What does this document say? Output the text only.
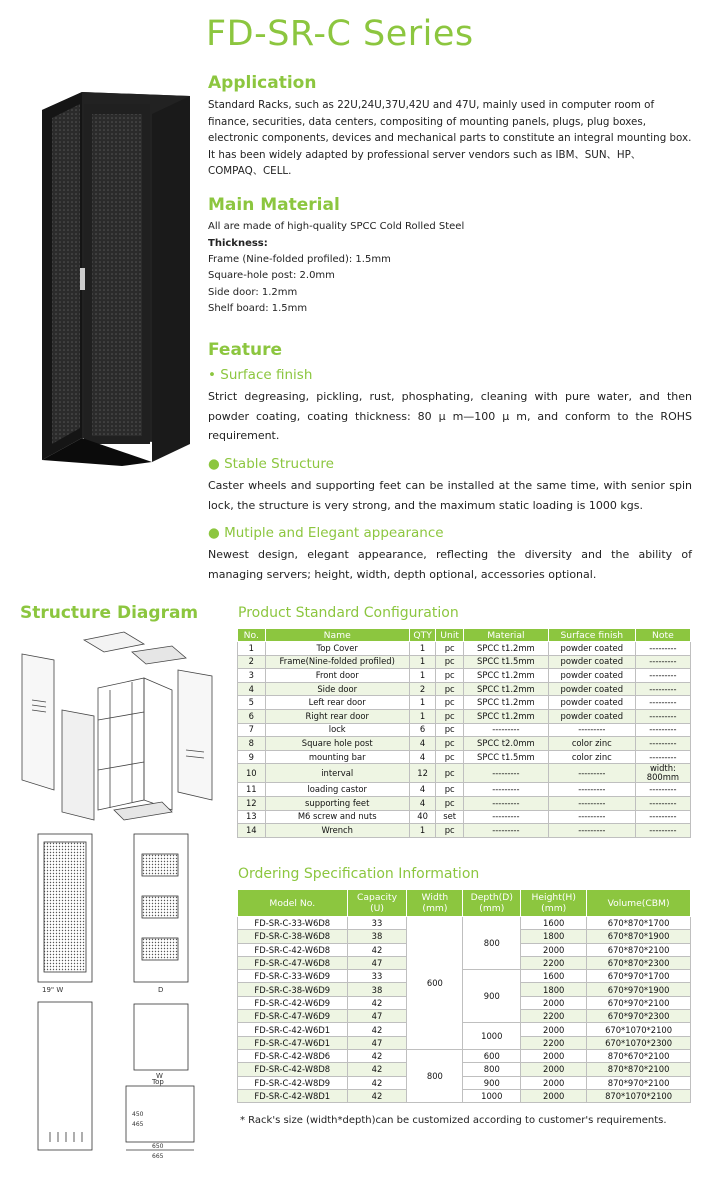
FD-SR-C Series
Application
Standard Racks, such as 22U,24U,37U,42U and 47U, mainly used in computer room of finance, securities, data centers, compositing of mounting panels, plugs, plug boxes, electronic components, devices and mechanical parts to constitute an integral mounting box. It has been widely adapted by professional server vendors such as IBM、SUN、HP、COMPAQ、CELL.
Main Material
All are made of high-quality SPCC Cold Rolled Steel
Thickness:
Frame (Nine-folded profiled): 1.5mm
Square-hole post: 2.0mm
Side door: 1.2mm
Shelf board: 1.5mm
Feature
• Surface finish
Strict degreasing, pickling, rust, phosphating, cleaning with pure water, and then powder coating, coating thickness: 80 μ m—100 μ m, and conform to the ROHS requirement.
● Stable Structure
Caster wheels and supporting feet can be installed at the same time, with senior spin lock, the structure is very strong, and the maximum static loading is 1000 kgs.
● Mutiple and Elegant appearance
Newest design, elegant appearance, reflecting the diversity and the ability of managing servers; height, width, depth optional, accessories optional.
Structure Diagram
19" W	D
W
Top
450
465
650
665
Product Standard Configuration
No.	Name	QTY	Unit	Material	Surface finish	Note
1	Top Cover	1	pc	SPCC t1.2mm	powder coated	---------
2	Frame(Nine-folded profiled)	1	pc	SPCC t1.5mm	powder coated	---------
3	Front door	1	pc	SPCC t1.2mm	powder coated	---------
4	Side door	2	pc	SPCC t1.2mm	powder coated	---------
5	Left rear door	1	pc	SPCC t1.2mm	powder coated	---------
6	Right rear door	1	pc	SPCC t1.2mm	powder coated	---------
7	lock	6	pc	---------	---------	---------
8	Square hole post	4	pc	SPCC t2.0mm	color zinc	---------
9	mounting bar	4	pc	SPCC t1.5mm	color zinc	---------
10	interval	12	pc	---------	---------	width: 800mm
11	loading castor	4	pc	---------	---------	---------
12	supporting feet	4	pc	---------	---------	---------
13	M6 screw and nuts	40	set	---------	---------	---------
14	Wrench	1	pc	---------	---------	---------
Ordering Specification Information
Model No.	Capacity (U)	Width (mm)	Depth(D) (mm)	Height(H) (mm)	Volume(CBM)
FD-SR-C-33-W6D8	33	600	800	1600	670*870*1700
FD-SR-C-38-W6D8	38			1800	670*870*1900
FD-SR-C-42-W6D8	42			2000	670*870*2100
FD-SR-C-47-W6D8	47			2200	670*870*2300
FD-SR-C-33-W6D9	33		900	1600	670*970*1700
FD-SR-C-38-W6D9	38			1800	670*970*1900
FD-SR-C-42-W6D9	42			2000	670*970*2100
FD-SR-C-47-W6D9	47			2200	670*970*2300
FD-SR-C-42-W6D1	42		1000	2000	670*1070*2100
FD-SR-C-47-W6D1	47			2200	670*1070*2300
FD-SR-C-42-W8D6	42	800	600	2000	870*670*2100
FD-SR-C-42-W8D8	42		800	2000	870*870*2100
FD-SR-C-42-W8D9	42		900	2000	870*970*2100
FD-SR-C-42-W8D1	42		1000	2000	870*1070*2100
* Rack's size (width*depth)can be customized according to customer's requirements.
